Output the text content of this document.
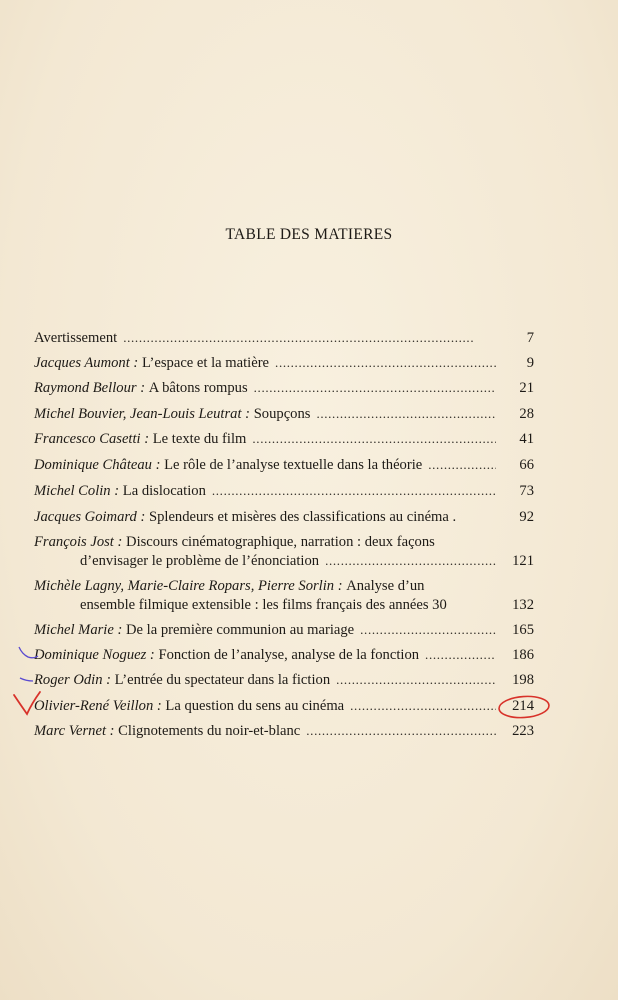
TABLE DES MATIERES
Avertissement . . .	7
Jacques Aumont :
L’espace et la matière . . .	9
Raymond Bellour :
A bâtons rompus . . .	21
Michel Bouvier, Jean-Louis Leutrat :
Soupçons . . .	28
Francesco Casetti :
Le texte du film . . .	41
Dominique Château :
Le rôle de l’analyse textuelle dans la théorie . . .	66
Michel Colin :
La dislocation . . .	73
Jacques Goimard :
Splendeurs et misères des classifications au cinéma .	92
François Jost :
Discours cinématographique, narration : deux façons
d’envisager le problème de l’énonciation . . .	121
Michèle Lagny, Marie-Claire Ropars, Pierre Sorlin :
Analyse d’un
ensemble filmique extensible : les films français des années 30	132
Michel Marie :
De la première communion au mariage . . .	165
Dominique Noguez :
Fonction de l’analyse, analyse de la fonction . . .	186
Roger Odin :
L’entrée du spectateur dans la fiction . . .	198
Olivier-René Veillon :
La question du sens au cinéma . . .	214
Marc Vernet :
Clignotements du noir-et-blanc . . .	223
